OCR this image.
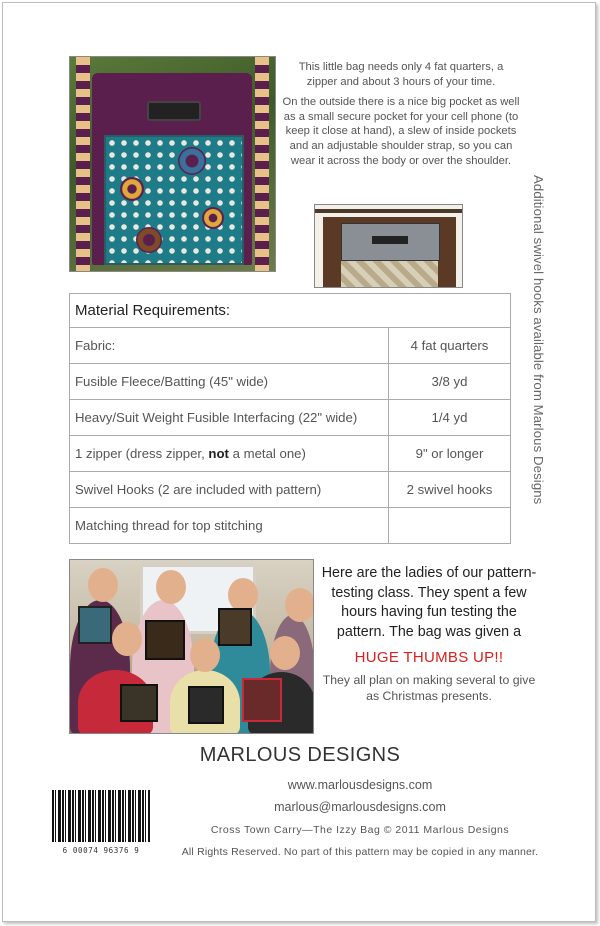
This little bag needs only 4 fat quarters, a zipper and about 3 hours of your time.

On the outside there is a nice big pocket as well as a small secure pocket for your cell phone (to keep it close at hand), a slew of inside pockets and an adjustable shoulder strap, so you can wear it across the body or over the shoulder.

Additional swivel hooks available from Marlous Designs
Material Requirements:	
Fabric:	4 fat quarters
Fusible Fleece/Batting (45" wide)	3/8 yd
Heavy/Suit Weight Fusible Interfacing (22" wide)	1/4 yd
1 zipper (dress zipper, not a metal one)	9" or longer
Swivel Hooks (2 are included with pattern)	2 swivel hooks
Matching thread for top stitching	
Here are the ladies of our pattern-testing class. They spent a few hours having fun testing the pattern. The bag was given a
HUGE THUMBS UP!!
They all plan on making several to give as Christmas presents.
MARLOUS DESIGNS
www.marlousdesigns.com
marlous@marlousdesigns.com
Cross Town Carry—The Izzy Bag © 2011 Marlous Designs
All Rights Reserved. No part of this pattern may be copied in any manner.
6 00074 96376 9
